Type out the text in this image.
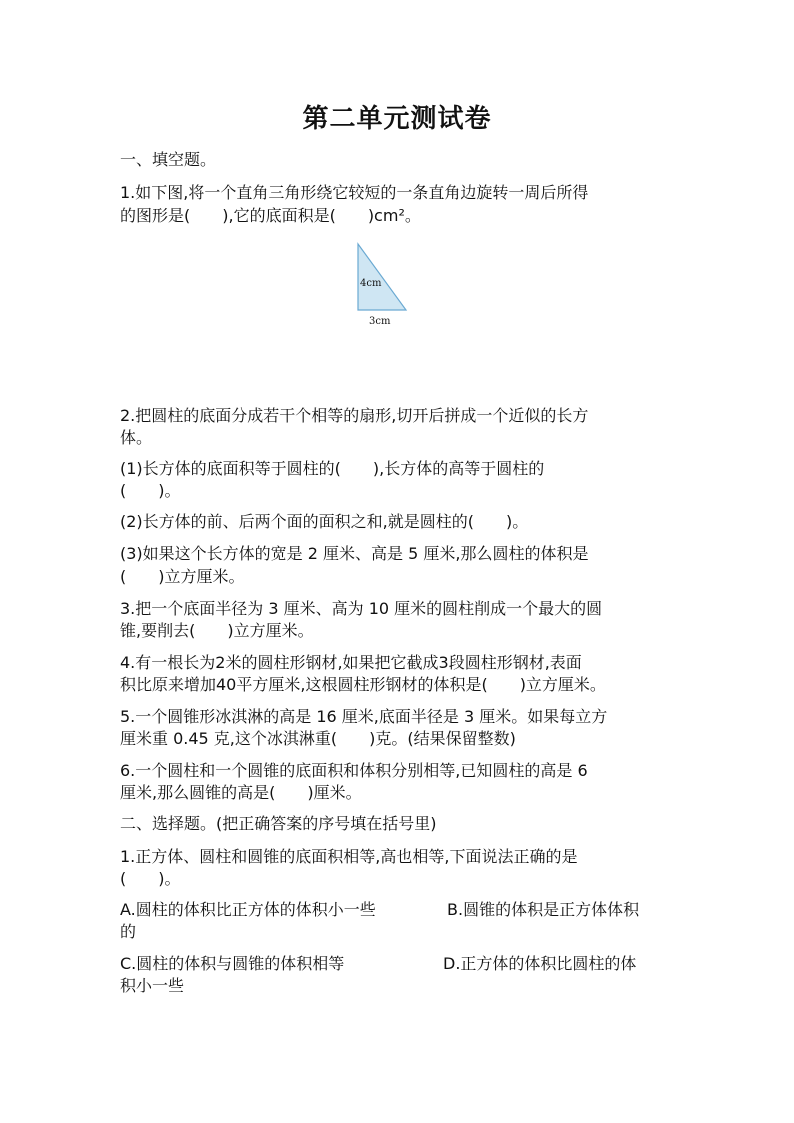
第二单元测试卷
一、填空题。
1.如下图,将一个直角三角形绕它较短的一条直角边旋转一周后所得
的图形是(　　),它的底面积是(　　)cm²。
4cm
3cm
2.把圆柱的底面分成若干个相等的扇形,切开后拼成一个近似的长方
体。
(1)长方体的底面积等于圆柱的(　　),长方体的高等于圆柱的
(　　)。
(2)长方体的前、后两个面的面积之和,就是圆柱的(　　)。
(3)如果这个长方体的宽是 2 厘米、高是 5 厘米,那么圆柱的体积是
(　　)立方厘米。
3.把一个底面半径为 3 厘米、高为 10 厘米的圆柱削成一个最大的圆
锥,要削去(　　)立方厘米。
4.有一根长为2米的圆柱形钢材,如果把它截成3段圆柱形钢材,表面
积比原来增加40平方厘米,这根圆柱形钢材的体积是(　　)立方厘米。
5.一个圆锥形冰淇淋的高是 16 厘米,底面半径是 3 厘米。如果每立方
厘米重 0.45 克,这个冰淇淋重(　　)克。(结果保留整数)
6.一个圆柱和一个圆锥的底面积和体积分别相等,已知圆柱的高是 6
厘米,那么圆锥的高是(　　)厘米。
二、选择题。(把正确答案的序号填在括号里)
1.正方体、圆柱和圆锥的底面积相等,高也相等,下面说法正确的是
(　　)。
A.圆柱的体积比正方体的体积小一些	B.圆锥的体积是正方体体积
的
C.圆柱的体积与圆锥的体积相等	D.正方体的体积比圆柱的体
积小一些
